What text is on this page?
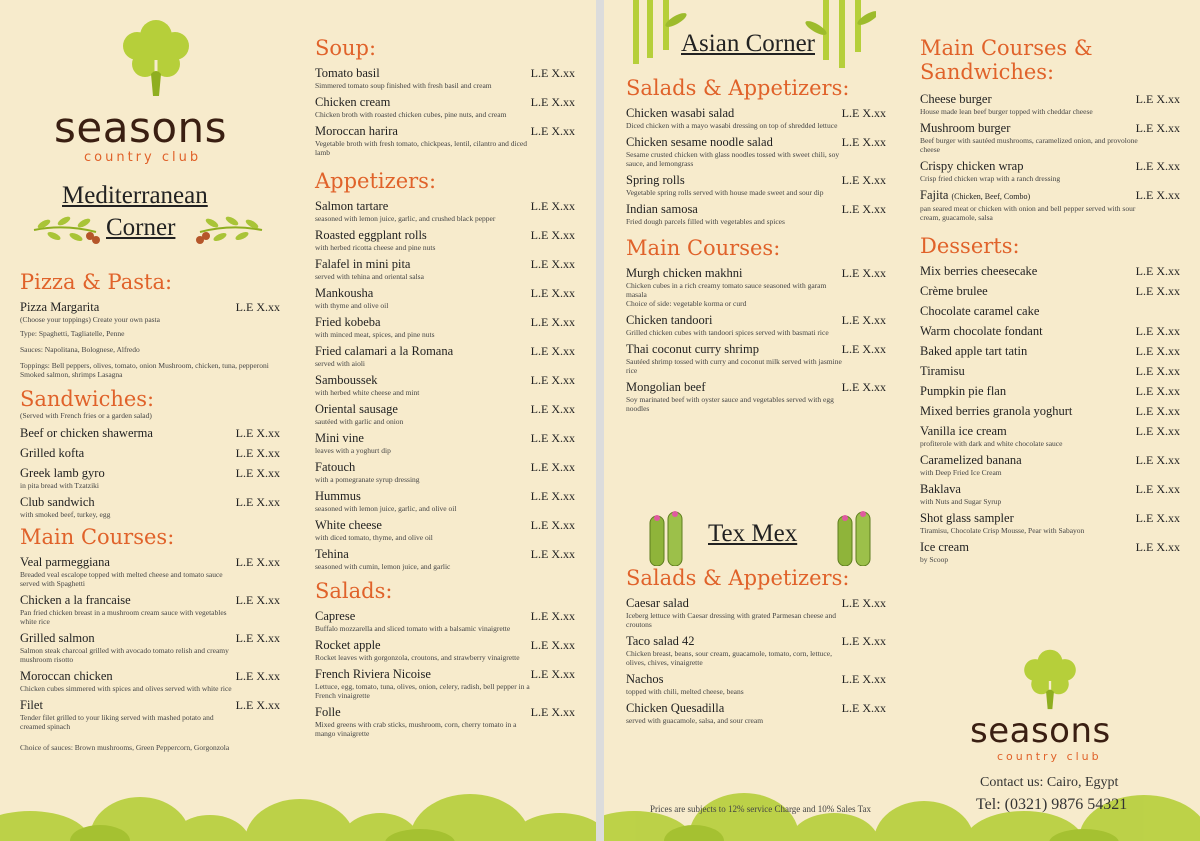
seasons
country club
Mediterranean
Corner
Pizza & Pasta:
Pizza Margarita	L.E X.xx
(Choose your toppings) Create your own pasta
Type: Spaghetti, Tagliatelle, Penne
Sauces: Napolitana, Bolognese, Alfredo
Toppings: Bell peppers, olives, tomato, onion Mushroom, chicken, tuna, pepperoni Smoked salmon, shrimps Lasagna
Sandwiches:
(Served with French fries or a garden salad)
Beef or chicken shawerma	L.E X.xx
Grilled kofta	L.E X.xx
Greek lamb gyro	L.E X.xx
in pita bread with Tzatziki
Club sandwich	L.E X.xx
with smoked beef, turkey, egg
Main Courses:
Veal parmeggiana	L.E X.xx
Breaded veal escalope topped with melted cheese and tomato sauce served with Spaghetti
Chicken a la francaise	L.E X.xx
Pan fried chicken breast in a mushroom cream sauce with vegetables white rice
Grilled salmon	L.E X.xx
Salmon steak charcoal grilled with avocado tomato relish and creamy mushroom risotto
Moroccan chicken	L.E X.xx
Chicken cubes simmered with spices and olives served with white rice
Filet	L.E X.xx
Tender filet grilled to your liking served with mashed potato and creamed spinach
Choice of sauces: Brown mushrooms, Green Peppercorn, Gorgonzola
Soup:
Tomato basil	L.E X.xx
Simmered tomato soup finished with fresh basil and cream
Chicken cream	L.E X.xx
Chicken broth with roasted chicken cubes, pine nuts, and cream
Moroccan harira	L.E X.xx
Vegetable broth with fresh tomato, chickpeas, lentil, cilantro and diced lamb
Appetizers:
Salmon tartare	L.E X.xx
seasoned with lemon juice, garlic, and crushed black pepper
Roasted eggplant rolls	L.E X.xx
with herbed ricotta cheese and pine nuts
Falafel in mini pita	L.E X.xx
served with tehina and oriental salsa
Mankousha	L.E X.xx
with thyme and olive oil
Fried kobeba	L.E X.xx
with minced meat, spices, and pine nuts
Fried calamari a la Romana	L.E X.xx
served with aioli
Samboussek	L.E X.xx
with herbed white cheese and mint
Oriental sausage	L.E X.xx
sautéed with garlic and onion
Mini vine	L.E X.xx
leaves with a yoghurt dip
Fatouch	L.E X.xx
with a pomegranate syrup dressing
Hummus	L.E X.xx
seasoned with lemon juice, garlic, and olive oil
White cheese	L.E X.xx
with diced tomato, thyme, and olive oil
Tehina	L.E X.xx
seasoned with cumin, lemon juice, and garlic
Salads:
Caprese	L.E X.xx
Buffalo mozzarella and sliced tomato with a balsamic vinaigrette
Rocket apple	L.E X.xx
Rocket leaves with gorgonzola, croutons, and strawberry vinaigrette
French Riviera Nicoise	L.E X.xx
Lettuce, egg, tomato, tuna, olives, onion, celery, radish, bell pepper in a French vinaigrette
Folle	L.E X.xx
Mixed greens with crab sticks, mushroom, corn, cherry tomato in a mango vinaigrette
Asian Corner
Salads & Appetizers:
Chicken wasabi salad	L.E X.xx
Diced chicken with a mayo wasabi dressing on top of shredded lettuce
Chicken sesame noodle salad	L.E X.xx
Sesame crusted chicken with glass noodles tossed with sweet chili, soy sauce, and lemongrass
Spring rolls	L.E X.xx
Vegetable spring rolls served with house made sweet and sour dip
Indian samosa	L.E X.xx
Fried dough parcels filled with vegetables and spices
Main Courses:
Murgh chicken makhni	L.E X.xx
Chicken cubes in a rich creamy tomato sauce seasoned with garam masala
Choice of side: vegetable korma or curd
Chicken tandoori	L.E X.xx
Grilled chicken cubes with tandoori spices served with basmati rice
Thai coconut curry shrimp	L.E X.xx
Sautéed shrimp tossed with curry and coconut milk served with jasmine rice
Mongolian beef	L.E X.xx
Soy marinated beef with oyster sauce and vegetables served with egg noodles
Tex Mex
Salads & Appetizers:
Caesar salad	L.E X.xx
Iceberg lettuce with Caesar dressing with grated Parmesan cheese and croutons
Taco salad 42	L.E X.xx
Chicken breast, beans, sour cream, guacamole, tomato, corn, lettuce, olives, chives, vinaigrette
Nachos	L.E X.xx
topped with chili, melted cheese, beans
Chicken Quesadilla	L.E X.xx
served with guacamole, salsa, and sour cream
Main Courses &
Sandwiches:
Cheese burger	L.E X.xx
House made lean beef burger topped with cheddar cheese
Mushroom burger	L.E X.xx
Beef burger with sautéed mushrooms, caramelized onion, and provolone cheese
Crispy chicken wrap	L.E X.xx
Crisp fried chicken wrap with a ranch dressing
Fajita (Chicken, Beef, Combo)	L.E X.xx
pan seared meat or chicken with onion and bell pepper served with sour cream, guacamole, salsa
Desserts:
Mix berries cheesecake	L.E X.xx
Crème brulee	L.E X.xx
Chocolate caramel cake
Warm chocolate fondant	L.E X.xx
Baked apple tart tatin	L.E X.xx
Tiramisu	L.E X.xx
Pumpkin pie flan	L.E X.xx
Mixed berries granola yoghurt	L.E X.xx
Vanilla ice cream	L.E X.xx
profiterole with dark and white chocolate sauce
Caramelized banana	L.E X.xx
with Deep Fried Ice Cream
Baklava	L.E X.xx
with Nuts and Sugar Syrup
Shot glass sampler	L.E X.xx
Tiramisu, Chocolate Crisp Mousse, Pear with Sabayon
Ice cream	L.E X.xx
by Scoop
seasons
country club
Prices are subjects to 12% service Charge and 10% Sales Tax
Contact us: Cairo, Egypt
Tel: (0321) 9876 54321
